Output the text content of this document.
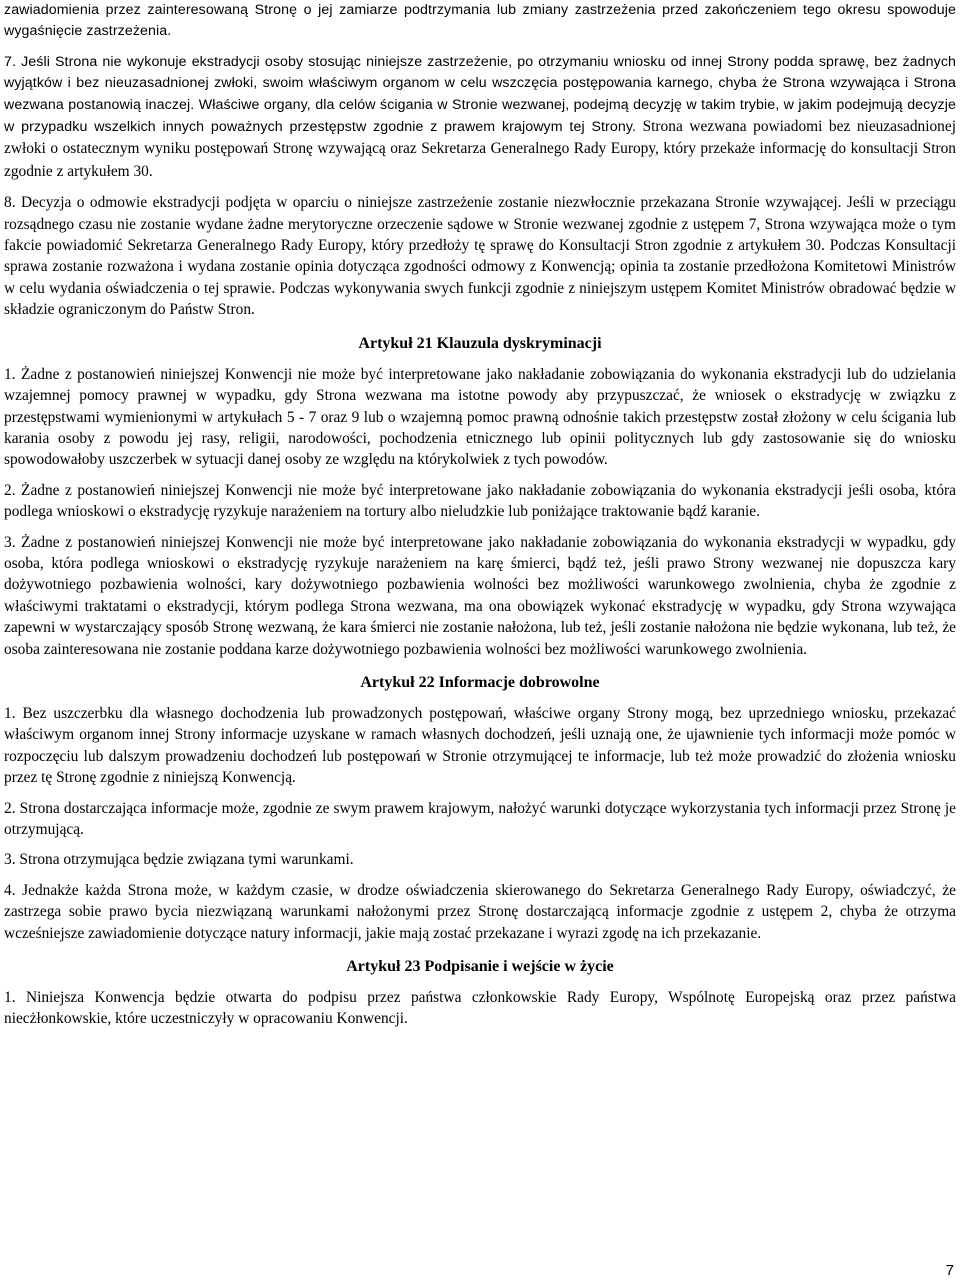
zawiadomienia przez zainteresowaną Stronę o jej zamiarze podtrzymania lub zmiany zastrzeżenia przed zakończeniem tego okresu spowoduje wygaśnięcie zastrzeżenia.

7. Jeśli Strona nie wykonuje ekstradycji osoby stosując niniejsze zastrzeżenie, po otrzymaniu wniosku od innej Strony podda sprawę, bez żadnych wyjątków i bez nieuzasadnionej zwłoki, swoim właściwym organom w celu wszczęcia postępowania karnego, chyba że Strona wzywająca i Strona wezwana postanowią inaczej. Właściwe organy, dla celów ścigania w Stronie wezwanej, podejmą decyzję w takim trybie, w jakim podejmują decyzje w przypadku wszelkich innych poważnych przestępstw zgodnie z prawem krajowym tej Strony. Strona wezwana powiadomi bez nieuzasadnionej zwłoki o ostatecznym wyniku postępowań Stronę wzywającą oraz Sekretarza Generalnego Rady Europy, który przekaże informację do konsultacji Stron zgodnie z artykułem 30.

8. Decyzja o odmowie ekstradycji podjęta w oparciu o niniejsze zastrzeżenie zostanie niezwłocznie przekazana Stronie wzywającej. Jeśli w przeciągu rozsądnego czasu nie zostanie wydane żadne merytoryczne orzeczenie sądowe w Stronie wezwanej zgodnie z ustępem 7, Strona wzywająca może o tym fakcie powiadomić Sekretarza Generalnego Rady Europy, który przedłoży tę sprawę do Konsultacji Stron zgodnie z artykułem 30. Podczas Konsultacji sprawa zostanie rozważona i wydana zostanie opinia dotycząca zgodności odmowy z Konwencją; opinia ta zostanie przedłożona Komitetowi Ministrów w celu wydania oświadczenia o tej sprawie. Podczas wykonywania swych funkcji zgodnie z niniejszym ustępem Komitet Ministrów obradować będzie w składzie ograniczonym do Państw Stron.

Artykuł 21 Klauzula dyskryminacji

1. Żadne z postanowień niniejszej Konwencji nie może być interpretowane jako nakładanie zobowiązania do wykonania ekstradycji lub do udzielania wzajemnej pomocy prawnej w wypadku, gdy Strona wezwana ma istotne powody aby przypuszczać, że wniosek o ekstradycję w związku z przestępstwami wymienionymi w artykułach 5 - 7 oraz 9 lub o wzajemną pomoc prawną odnośnie takich przestępstw został złożony w celu ścigania lub karania osoby z powodu jej rasy, religii, narodowości, pochodzenia etnicznego lub opinii politycznych lub gdy zastosowanie się do wniosku spowodowałoby uszczerbek w sytuacji danej osoby ze względu na którykolwiek z tych powodów.

2. Żadne z postanowień niniejszej Konwencji nie może być interpretowane jako nakładanie zobowiązania do wykonania ekstradycji jeśli osoba, która podlega wnioskowi o ekstradycję ryzykuje narażeniem na tortury albo nieludzkie lub poniżające traktowanie bądź karanie.

3. Żadne z postanowień niniejszej Konwencji nie może być interpretowane jako nakładanie zobowiązania do wykonania ekstradycji w wypadku, gdy osoba, która podlega wnioskowi o ekstradycję ryzykuje narażeniem na karę śmierci, bądź też, jeśli prawo Strony wezwanej nie dopuszcza kary dożywotniego pozbawienia wolności, kary dożywotniego pozbawienia wolności bez możliwości warunkowego zwolnienia, chyba że zgodnie z właściwymi traktatami o ekstradycji, którym podlega Strona wezwana, ma ona obowiązek wykonać ekstradycję w wypadku, gdy Strona wzywająca zapewni w wystarczający sposób Stronę wezwaną, że kara śmierci nie zostanie nałożona, lub też, jeśli zostanie nałożona nie będzie wykonana, lub też, że osoba zainteresowana nie zostanie poddana karze dożywotniego pozbawienia wolności bez możliwości warunkowego zwolnienia.

Artykuł 22 Informacje dobrowolne

1. Bez uszczerbku dla własnego dochodzenia lub prowadzonych postępowań, właściwe organy Strony mogą, bez uprzedniego wniosku, przekazać właściwym organom innej Strony informacje uzyskane w ramach własnych dochodzeń, jeśli uznają one, że ujawnienie tych informacji może pomóc w rozpoczęciu lub dalszym prowadzeniu dochodzeń lub postępowań w Stronie otrzymującej te informacje, lub też może prowadzić do złożenia wniosku przez tę Stronę zgodnie z niniejszą Konwencją.

2. Strona dostarczająca informacje może, zgodnie ze swym prawem krajowym, nałożyć warunki dotyczące wykorzystania tych informacji przez Stronę je otrzymującą.

3. Strona otrzymująca będzie związana tymi warunkami.

4. Jednakże każda Strona może, w każdym czasie, w drodze oświadczenia skierowanego do Sekretarza Generalnego Rady Europy, oświadczyć, że zastrzega sobie prawo bycia niezwiązaną warunkami nałożonymi przez Stronę dostarczającą informacje zgodnie z ustępem 2, chyba że otrzyma wcześniejsze zawiadomienie dotyczące natury informacji, jakie mają zostać przekazane i wyrazi zgodę na ich przekazanie.

Artykuł 23 Podpisanie i wejście w życie

1. Niniejsza Konwencja będzie otwarta do podpisu przez państwa członkowskie Rady Europy, Wspólnotę Europejską oraz przez państwa niecżłonkowskie, które uczestniczyły w opracowaniu Konwencji.

7
